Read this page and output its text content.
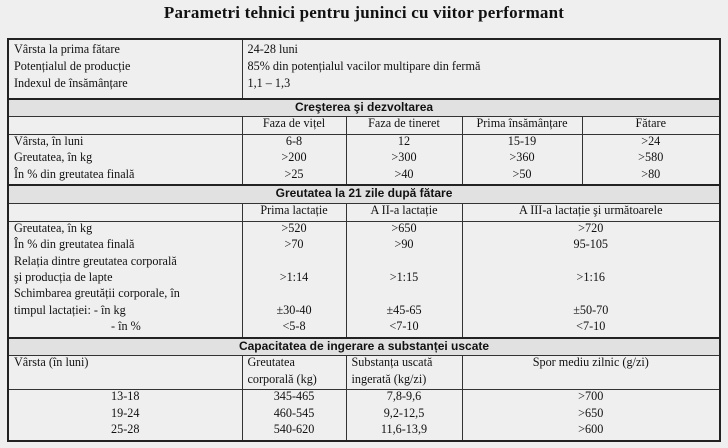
Parametri tehnici pentru juninci cu viitor performant
Vârsta la prima fătare	24-28 luni			
Potențialul de producție	85% din potențialul vacilor multipare din fermă			
Indexul de însămânțare	1,1 – 1,3			

Creşterea şi dezvoltarea				
	Faza de vițel	Faza de tineret	Prima însămânțare	Fătare
Vârsta, în luni	6-8	12	15-19	>24
Greutatea, în kg	>200	>300	>360	>580
În % din greutatea finală	>25	>40	>50	>80
Greutatea la 21 zile după fătare				
	Prima lactație	A II-a lactație	A III-a lactație şi următoarele	
Greutatea, în kg	>520	>650	>720	
În % din greutatea finală	>70	>90	95-105	
Relația dintre greutatea corporală				
şi producția de lapte	>1:14	>1:15	>1:16	
Schimbarea greutății corporale, în				
timpul lactației: - în kg	±30-40	±45-65	±50-70	
- în %	<5-8	<7-10	<7-10	
Capacitatea de ingerare a substanței uscate				
Vârsta (în luni)	Greutatea	Substanța uscată	Spor mediu zilnic (g/zi)	
	corporală (kg)	ingerată (kg/zi)		
13-18	345-465	7,8-9,6	>700	
19-24	460-545	9,2-12,5	>650	
25-28	540-620	11,6-13,9	>600	
